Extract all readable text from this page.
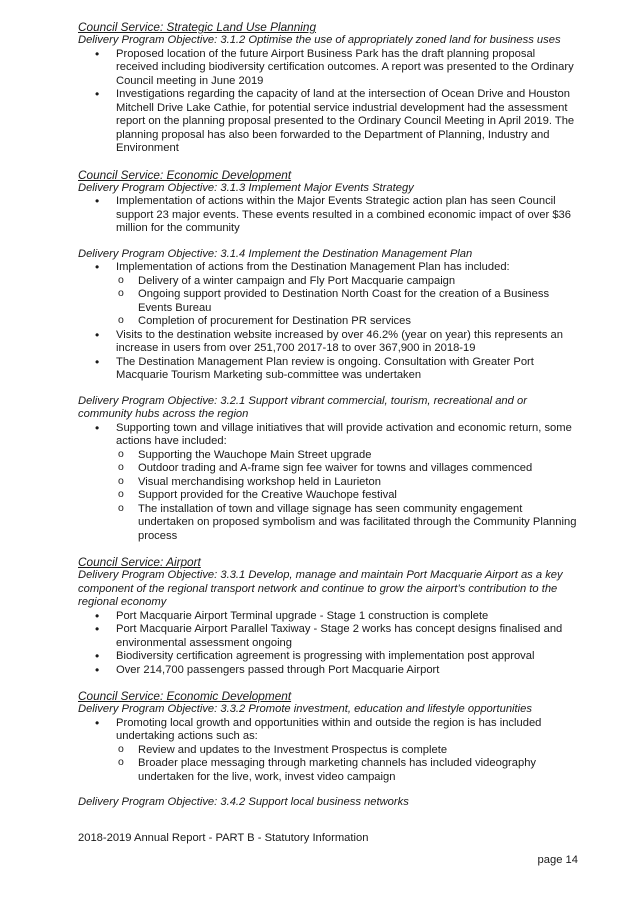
Council Service: Strategic Land Use Planning

Delivery Program Objective: 3.1.2 Optimise the use of appropriately zoned land for business uses

• Proposed location of the future Airport Business Park has the draft planning proposal received including biodiversity certification outcomes. A report was presented to the Ordinary Council meeting in June 2019
• Investigations regarding the capacity of land at the intersection of Ocean Drive and Houston Mitchell Drive Lake Cathie, for potential service industrial development had the assessment report on the planning proposal presented to the Ordinary Council Meeting in April 2019. The planning proposal has also been forwarded to the Department of Planning, Industry and Environment

Council Service: Economic Development

Delivery Program Objective: 3.1.3 Implement Major Events Strategy

• Implementation of actions within the Major Events Strategic action plan has seen Council support 23 major events. These events resulted in a combined economic impact of over $36 million for the community

Delivery Program Objective: 3.1.4 Implement the Destination Management Plan

• Implementation of actions from the Destination Management Plan has included:
o Delivery of a winter campaign and Fly Port Macquarie campaign
o Ongoing support provided to Destination North Coast for the creation of a Business Events Bureau
o Completion of procurement for Destination PR services
• Visits to the destination website increased by over 46.2% (year on year) this represents an increase in users from over 251,700 2017-18 to over 367,900 in 2018-19
• The Destination Management Plan review is ongoing. Consultation with Greater Port Macquarie Tourism Marketing sub-committee was undertaken

Delivery Program Objective: 3.2.1 Support vibrant commercial, tourism, recreational and or community hubs across the region

• Supporting town and village initiatives that will provide activation and economic return, some actions have included:
o Supporting the Wauchope Main Street upgrade
o Outdoor trading and A-frame sign fee waiver for towns and villages commenced
o Visual merchandising workshop held in Laurieton
o Support provided for the Creative Wauchope festival
o The installation of town and village signage has seen community engagement undertaken on proposed symbolism and was facilitated through the Community Planning process

Council Service: Airport

Delivery Program Objective: 3.3.1 Develop, manage and maintain Port Macquarie Airport as a key component of the regional transport network and continue to grow the airport’s contribution to the regional economy

• Port Macquarie Airport Terminal upgrade - Stage 1 construction is complete
• Port Macquarie Airport Parallel Taxiway - Stage 2 works has concept designs finalised and environmental assessment ongoing
• Biodiversity certification agreement is progressing with implementation post approval
• Over 214,700 passengers passed through Port Macquarie Airport

Council Service: Economic Development

Delivery Program Objective: 3.3.2 Promote investment, education and lifestyle opportunities

• Promoting local growth and opportunities within and outside the region is has included undertaking actions such as:
o Review and updates to the Investment Prospectus is complete
o Broader place messaging through marketing channels has included videography undertaken for the live, work, invest video campaign

Delivery Program Objective: 3.4.2 Support local business networks

2018-2019 Annual Report - PART B - Statutory Information
page 14
